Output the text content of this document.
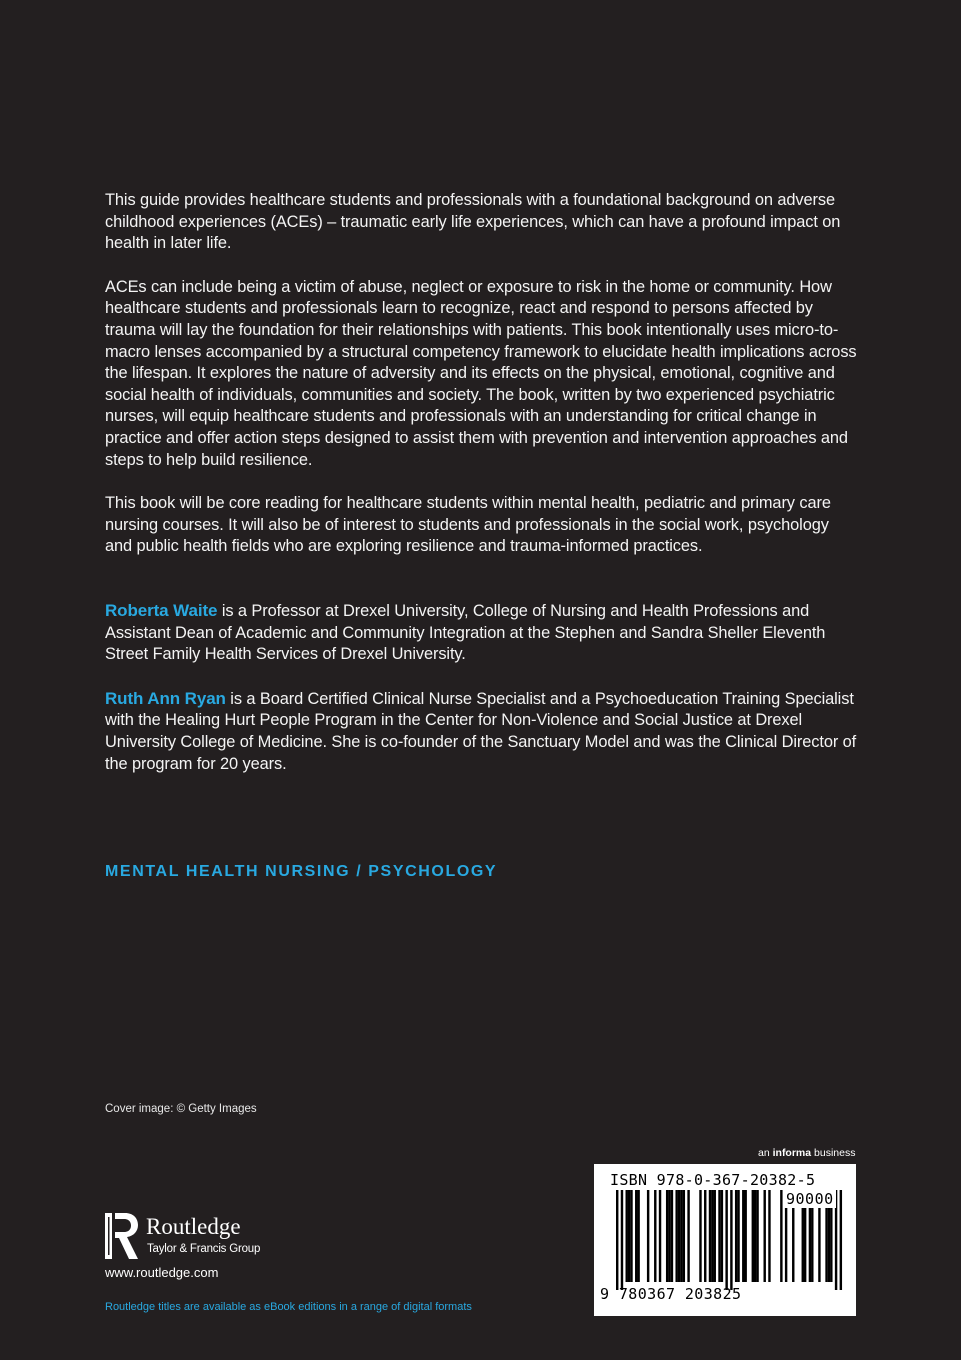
This guide provides healthcare students and professionals with a foundational background on adverse childhood experiences (ACEs) – traumatic early life experiences, which can have a profound impact on health in later life.

ACEs can include being a victim of abuse, neglect or exposure to risk in the home or community. How healthcare students and professionals learn to recognize, react and respond to persons affected by trauma will lay the foundation for their relationships with patients. This book intentionally uses micro-to-macro lenses accompanied by a structural competency framework to elucidate health implications across the lifespan. It explores the nature of adversity and its effects on the physical, emotional, cognitive and social health of individuals, communities and society. The book, written by two experienced psychiatric nurses, will equip healthcare students and professionals with an understanding for critical change in practice and offer action steps designed to assist them with prevention and intervention approaches and steps to help build resilience.

This book will be core reading for healthcare students within mental health, pediatric and primary care nursing courses. It will also be of interest to students and professionals in the social work, psychology and public health fields who are exploring resilience and trauma-informed practices.

Roberta Waite is a Professor at Drexel University, College of Nursing and Health Professions and Assistant Dean of Academic and Community Integration at the Stephen and Sandra Sheller Eleventh Street Family Health Services of Drexel University.

Ruth Ann Ryan is a Board Certified Clinical Nurse Specialist and a Psychoeducation Training Specialist with the Healing Hurt People Program in the Center for Non-Violence and Social Justice at Drexel University College of Medicine. She is co-founder of the Sanctuary Model and was the Clinical Director of the program for 20 years.

MENTAL HEALTH NURSING / PSYCHOLOGY
Cover image: © Getty Images
Routledge
Taylor & Francis Group
www.routledge.com
Routledge titles are available as eBook editions in a range of digital formats
an informa business
ISBN 978-0-367-20382-5
90000
9 780367 203825
